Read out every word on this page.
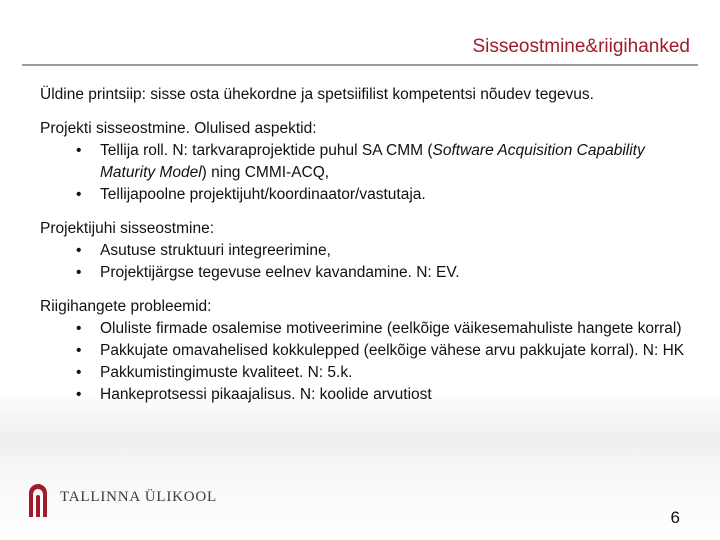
Sisseostmine&riigihanked

Üldine printsiip: sisse osta ühekordne ja spetsiifilist kompetentsi nõudev tegevus.

Projekti sisseostmine. Olulised aspektid:

• Tellija roll. N: tarkvaraprojektide puhul SA CMM (Software Acquisition Capability Maturity Model) ning CMMI-ACQ,
• Tellijapoolne projektijuht/koordinaator/vastutaja.

Projektijuhi sisseostmine:

• Asutuse struktuuri integreerimine,
• Projektijärgse tegevuse eelnev kavandamine. N: EV.

Riigihangete probleemid:

• Oluliste firmade osalemise motiveerimine (eelkõige väikesemahuliste hangete korral)
• Pakkujate omavahelised kokkulepped (eelkõige vähese arvu pakkujate korral). N: HK
• Pakkumistingimuste kvaliteet. N: 5.k.
• Hankeprotsessi pikaajalisus. N: koolide arvutiost
TALLINNA ÜLIKOOL
6
